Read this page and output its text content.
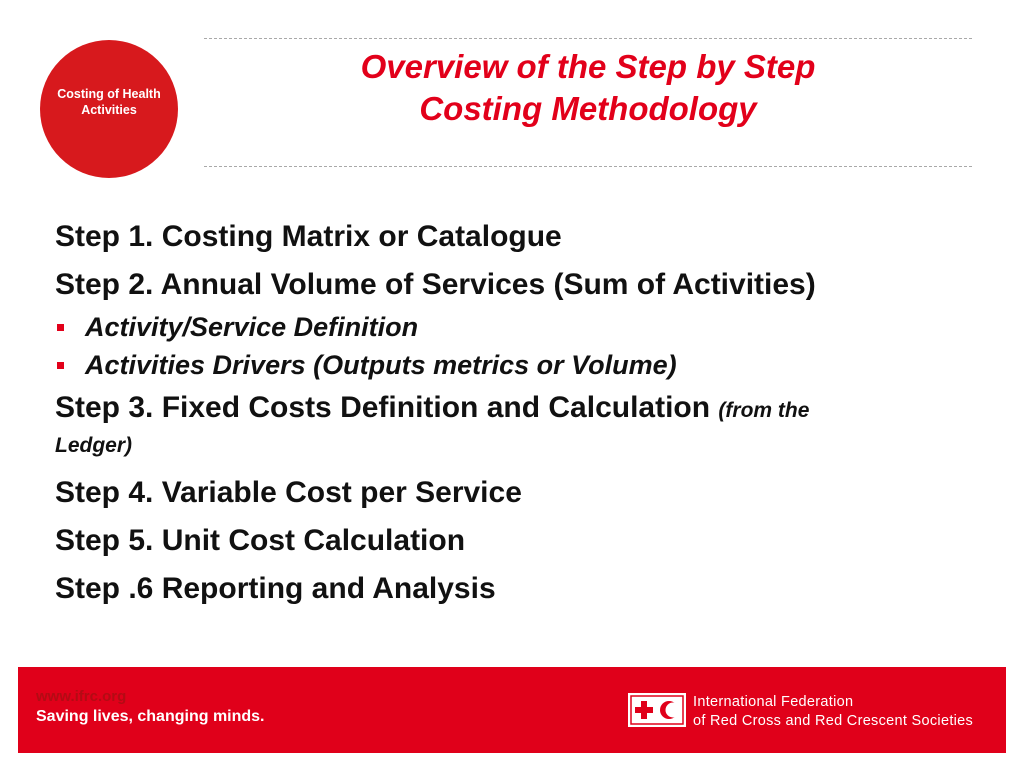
Costing of Health Activities
Overview of the Step by Step
Costing Methodology

Step 1. Costing Matrix or Catalogue

Step 2. Annual Volume of Services (Sum of Activities)

Activity/Service Definition
Activities Drivers (Outputs metrics or Volume)

Step 3. Fixed Costs Definition and Calculation (from the
Ledger)

Step 4. Variable Cost per Service

Step 5. Unit Cost Calculation

Step .6 Reporting and Analysis

www.ifrc.org

Saving lives, changing minds.

International Federation
of Red Cross and Red Crescent Societies
